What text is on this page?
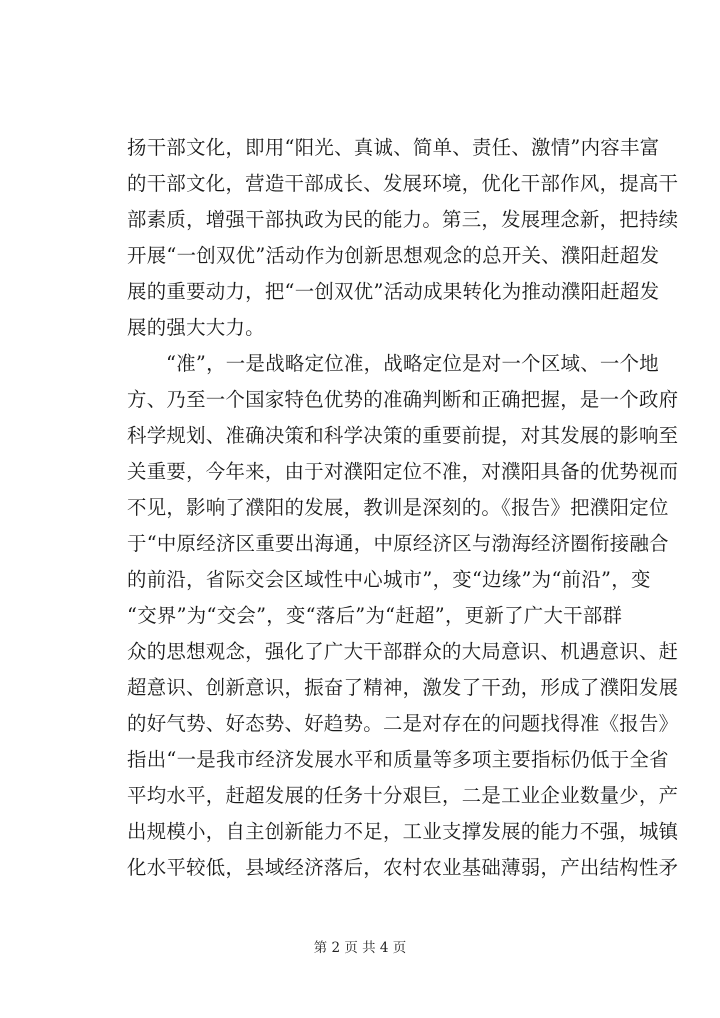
扬干部文化，即用“阳光、真诚、简单、责任、激情”内容丰富
的干部文化，营造干部成长、发展环境，优化干部作风，提高干
部素质，增强干部执政为民的能力。第三，发展理念新，把持续
开展“一创双优”活动作为创新思想观念的总开关、濮阳赶超发
展的重要动力，把“一创双优”活动成果转化为推动濮阳赶超发
展的强大大力。
“准”，一是战略定位准，战略定位是对一个区域、一个地
方、乃至一个国家特色优势的准确判断和正确把握，是一个政府
科学规划、准确决策和科学决策的重要前提，对其发展的影响至
关重要，今年来，由于对濮阳定位不准，对濮阳具备的优势视而
不见，影响了濮阳的发展，教训是深刻的。《报告》把濮阳定位
于“中原经济区重要出海通，中原经济区与渤海经济圈衔接融合
的前沿，省际交会区域性中心城市”，变“边缘”为“前沿”，变
“交界”为“交会”，变“落后”为“赶超”，更新了广大干部群
众的思想观念，强化了广大干部群众的大局意识、机遇意识、赶
超意识、创新意识，振奋了精神，激发了干劲，形成了濮阳发展
的好气势、好态势、好趋势。二是对存在的问题找得准《报告》
指出“一是我市经济发展水平和质量等多项主要指标仍低于全省
平均水平，赶超发展的任务十分艰巨，二是工业企业数量少，产
出规模小，自主创新能力不足，工业支撑发展的能力不强，城镇
化水平较低，县域经济落后，农村农业基础薄弱，产出结构性矛
第 2 页 共 4 页
